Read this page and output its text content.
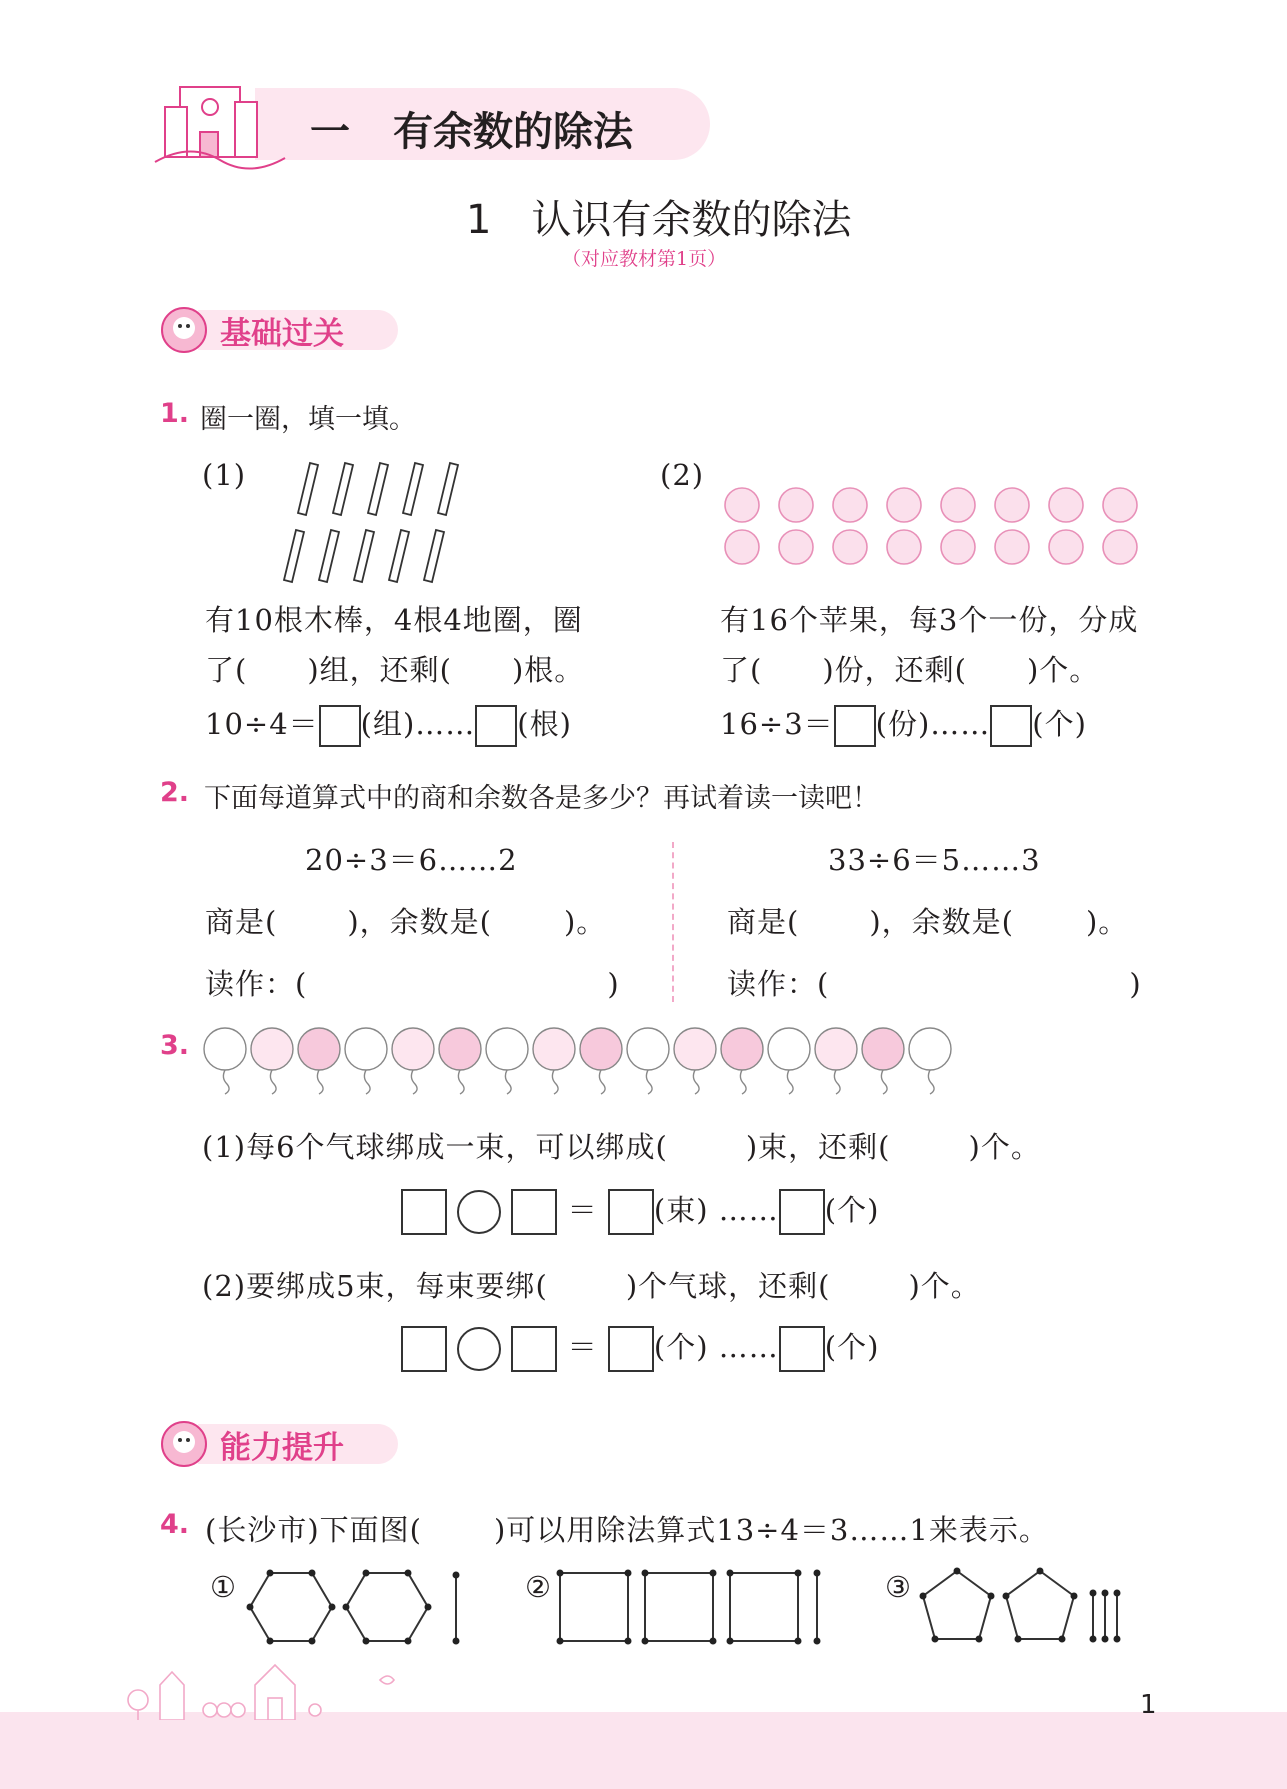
一 有余数的除法
1　认识有余数的除法
（对应教材第1页）
基础过关
1. 圈一圈，填一填。
(1)	(2)
有10根木棒，4根4地圈，圈
了( )组，还剩( )根。
10÷4＝ (组)…… (根)
有16个苹果，每3个一份，分成
了( )份，还剩( )个。
16÷3＝ (份)…… (个)
2. 下面每道算式中的商和余数各是多少？再试着读一读吧！
20÷3＝6……2
商是( )，余数是( )。
读作：(	)
33÷6＝5……3
商是( )，余数是( )。
读作：(	)
3.
(1)每6个气球绑成一束，可以绑成(	)束，还剩(	)个。
＝ (束) …… (个)
(2)要绑成5束，每束要绑(	)个气球，还剩(	)个。
＝ (个) …… (个)
能力提升
4. (长沙市)下面图( )可以用除法算式13÷4＝3……1来表示。
①	②	③
1
